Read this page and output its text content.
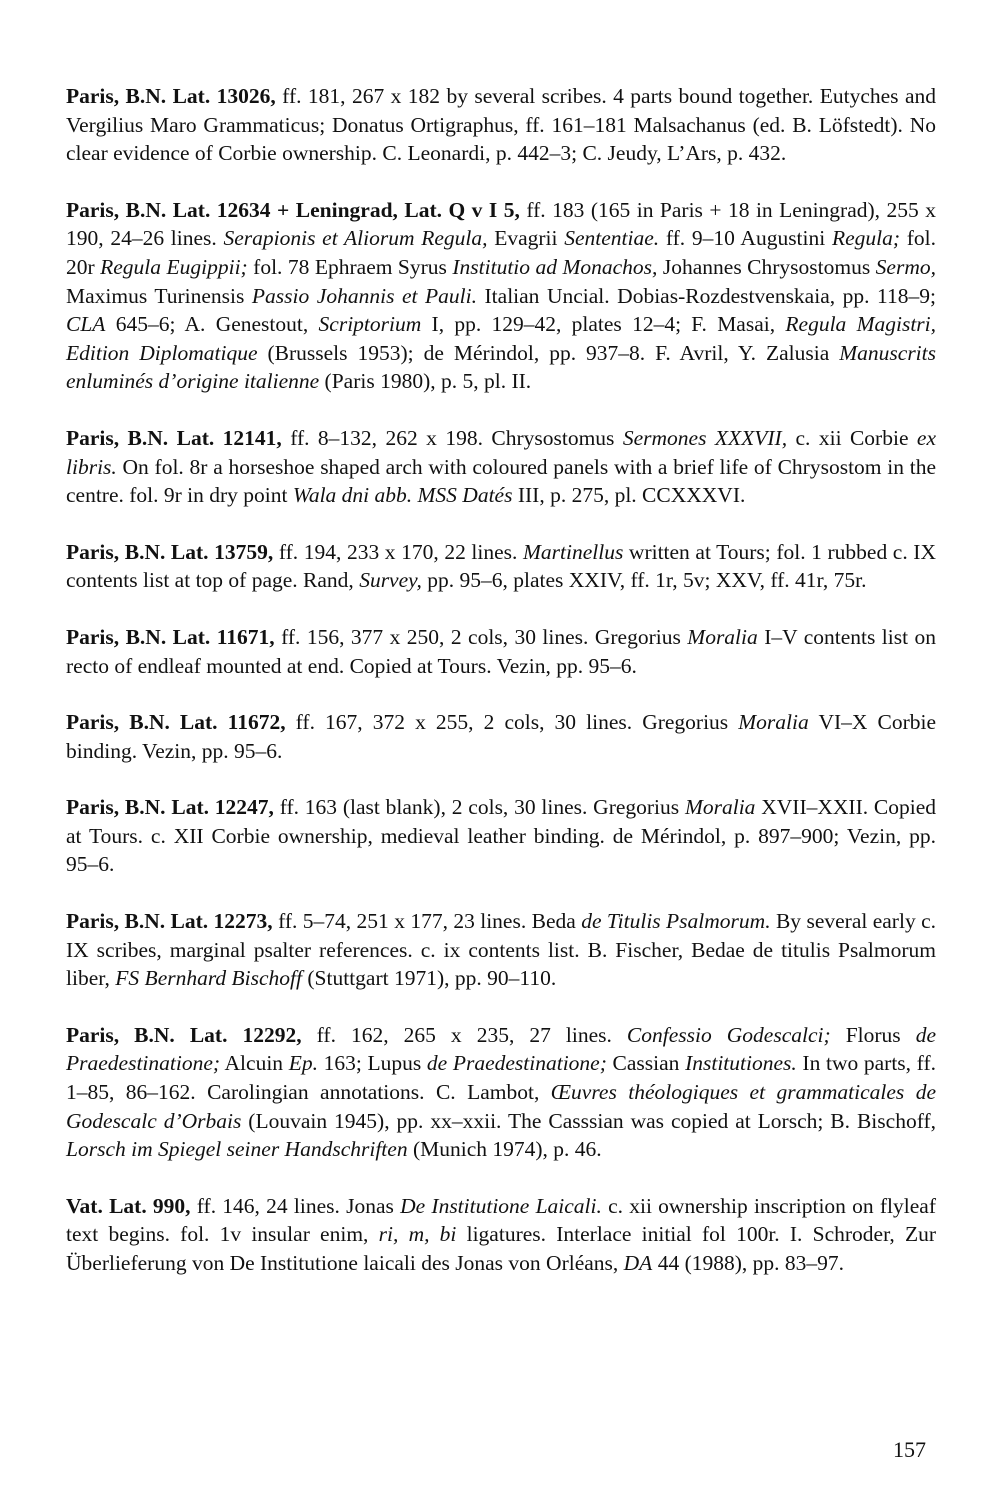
Paris, B.N. Lat. 13026, ff. 181, 267 x 182 by several scribes. 4 parts bound together. Eutyches and Vergilius Maro Grammaticus; Donatus Ortigraphus, ff. 161–181 Malsachanus (ed. B. Löfstedt). No clear evidence of Corbie ownership. C. Leonardi, p. 442–3; C. Jeudy, L’Ars, p. 432.

Paris, B.N. Lat. 12634 + Leningrad, Lat. Q v I 5, ff. 183 (165 in Paris + 18 in Leningrad), 255 x 190, 24–26 lines. Serapionis et Aliorum Regula, Evagrii Sententiae. ff. 9–10 Augustini Regula; fol. 20r Regula Eugippii; fol. 78 Ephraem Syrus Institutio ad Monachos, Johannes Chrysostomus Sermo, Maximus Turinensis Passio Johannis et Pauli. Italian Uncial. Dobias-Rozdestvenskaia, pp. 118–9; CLA 645–6; A. Genestout, Scriptorium I, pp. 129–42, plates 12–4; F. Masai, Regula Magistri, Edition Diplomatique (Brussels 1953); de Mérindol, pp. 937–8. F. Avril, Y. Zalusia Manuscrits enluminés d’origine italienne (Paris 1980), p. 5, pl. II.

Paris, B.N. Lat. 12141, ff. 8–132, 262 x 198. Chrysostomus Sermones XXXVII, c. xii Corbie ex libris. On fol. 8r a horseshoe shaped arch with coloured panels with a brief life of Chrysostom in the centre. fol. 9r in dry point Wala dni abb. MSS Datés III, p. 275, pl. CCXXXVI.

Paris, B.N. Lat. 13759, ff. 194, 233 x 170, 22 lines. Martinellus written at Tours; fol. 1 rubbed c. IX contents list at top of page. Rand, Survey, pp. 95–6, plates XXIV, ff. 1r, 5v; XXV, ff. 41r, 75r.

Paris, B.N. Lat. 11671, ff. 156, 377 x 250, 2 cols, 30 lines. Gregorius Moralia I–V contents list on recto of endleaf mounted at end. Copied at Tours. Vezin, pp. 95–6.

Paris, B.N. Lat. 11672, ff. 167, 372 x 255, 2 cols, 30 lines. Gregorius Moralia VI–X Corbie binding. Vezin, pp. 95–6.

Paris, B.N. Lat. 12247, ff. 163 (last blank), 2 cols, 30 lines. Gregorius Moralia XVII–XXII. Copied at Tours. c. XII Corbie ownership, medieval leather binding. de Mérindol, p. 897–900; Vezin, pp. 95–6.

Paris, B.N. Lat. 12273, ff. 5–74, 251 x 177, 23 lines. Beda de Titulis Psalmorum. By several early c. IX scribes, marginal psalter references. c. ix contents list. B. Fischer, Bedae de titulis Psalmorum liber, FS Bernhard Bischoff (Stuttgart 1971), pp. 90–110.

Paris, B.N. Lat. 12292, ff. 162, 265 x 235, 27 lines. Confessio Godescalci; Florus de Praedestinatione; Alcuin Ep. 163; Lupus de Praedestinatione; Cassian Institutiones. In two parts, ff. 1–85, 86–162. Carolingian annotations. C. Lambot, Œuvres théologiques et grammaticales de Godescalc d’Orbais (Louvain 1945), pp. xx–xxii. The Casssian was copied at Lorsch; B. Bischoff, Lorsch im Spiegel seiner Handschriften (Munich 1974), p. 46.

Vat. Lat. 990, ff. 146, 24 lines. Jonas De Institutione Laicali. c. xii ownership inscription on flyleaf text begins. fol. 1v insular enim, ri, m, bi ligatures. Interlace initial fol 100r. I. Schroder, Zur Überlieferung von De Institutione laicali des Jonas von Orléans, DA 44 (1988), pp. 83–97.

157
